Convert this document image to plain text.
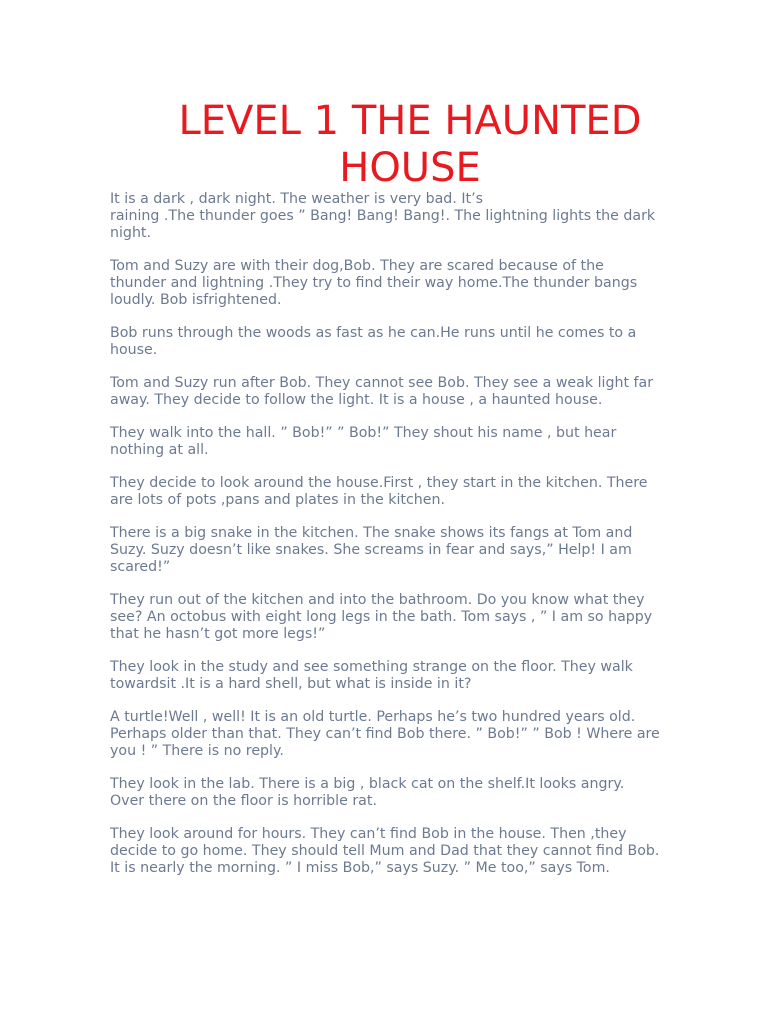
LEVEL 1 THE HAUNTED
HOUSE

It is a dark , dark night. The weather is very bad. It’s
raining .The thunder goes ” Bang! Bang! Bang!. The lightning lights the dark
night.

Tom and Suzy are with their dog,Bob. They are scared because of the
thunder and lightning .They try to find their way home.The thunder bangs
loudly. Bob isfrightened.

Bob runs through the woods as fast as he can.He runs until he comes to a
house.

Tom and Suzy run after Bob. They cannot see Bob. They see a weak light far
away. They decide to follow the light. It is a house , a haunted house.

They walk into the hall. ” Bob!” ” Bob!” They shout his name , but hear
nothing at all.

They decide to look around the house.First , they start in the kitchen. There
are lots of pots ,pans and plates in the kitchen.

There is a big snake in the kitchen. The snake shows its fangs at Tom and
Suzy. Suzy doesn’t like snakes. She screams in fear and says,” Help! I am
scared!”

They run out of the kitchen and into the bathroom. Do you know what they
see? An octobus with eight long legs in the bath. Tom says , ” I am so happy
that he hasn’t got more legs!”

They look in the study and see something strange on the floor. They walk
towardsit .It is a hard shell, but what is inside in it?

A turtle!Well , well! It is an old turtle. Perhaps he’s two hundred years old.
Perhaps older than that. They can’t find Bob there. ” Bob!” ” Bob ! Where are
you ! ” There is no reply.

They look in the lab. There is a big , black cat on the shelf.It looks angry.
Over there on the floor is horrible rat.

They look around for hours. They can’t find Bob in the house. Then ,they
decide to go home. They should tell Mum and Dad that they cannot find Bob.
It is nearly the morning. ” I miss Bob,” says Suzy. ” Me too,” says Tom.
